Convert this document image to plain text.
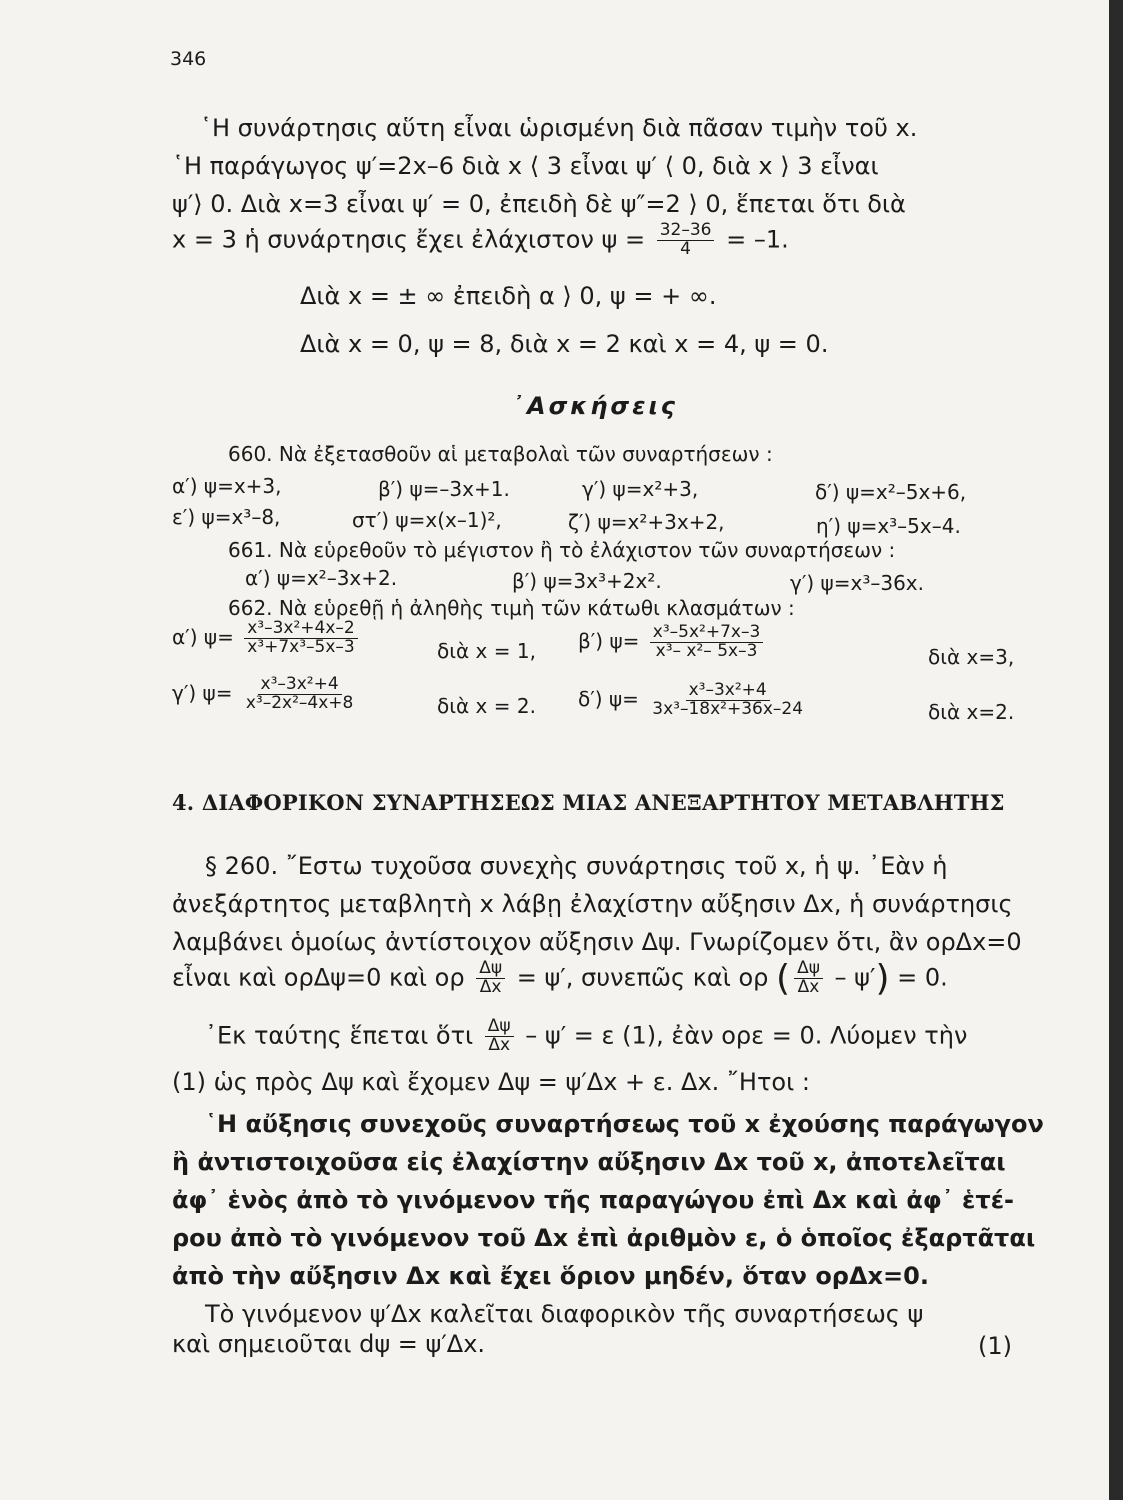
346
῾Η συνάρτησις αὕτη εἶναι ὡρισμένη διὰ πᾶσαν τιμὴν τοῦ x.
῾Η παράγωγος ψ′=2x–6 διὰ x ⟨ 3 εἶναι ψ′ ⟨ 0, διὰ x ⟩ 3 εἶναι
ψ′⟩ 0. Διὰ x=3 εἶναι ψ′ = 0, ἐπειδὴ δὲ ψ″=2 ⟩ 0, ἕπεται ὅτι διὰ
x = 3 ἡ συνάρτησις ἔχει ἐλάχιστον $\psi = \frac{32-36}{4} = -1$.
Διὰ x = ± ∞ ἐπειδὴ α ⟩ 0, ψ = + ∞.
Διὰ x = 0, ψ = 8, διὰ x = 2 καὶ x = 4, ψ = 0.
᾿Ασκήσεις
660. Νὰ ἐξετασθοῦν αἱ μεταβολαὶ τῶν συναρτήσεων :
α′) ψ=x+3,	β′) ψ=–3x+1.	γ′) ψ=x²+3,	δ′) ψ=x²–5x+6,
ε′) ψ=x³–8,	στ′) ψ=x(x–1)²,	ζ′) ψ=x²+3x+2,	η′) ψ=x³–5x–4.
661. Νὰ εὑρεθοῦν τὸ μέγιστον ἢ τὸ ἐλάχιστον τῶν συναρτήσεων :
α′) ψ=x²–3x+2.	β′) ψ=3x³+2x².	γ′) ψ=x³–36x.
662. Νὰ εὑρεθῇ ἡ ἀληθὴς τιμὴ τῶν κάτωθι κλασμάτων :
α′) $\psi= \frac{\text{x³–3x²+4x–2}}{\text{x³+7x³–5x–3}}$	διὰ x = 1, β′) $\psi= \frac{\text{x³–5x²+7x–3}}{\text{x³– x²– 5x–3}}$	διὰ x=3,
γ′) $\psi= \frac{\text{x³–3x²+4}}{\text{x³–2x²–4x+8}}$	διὰ x = 2. δ′) $\psi= \frac{\text{x³–3x²+4}}{\text{3x³–18x²+36x–24}}$	διὰ x=2.
4. ΔΙΑΦΟΡΙΚΟΝ ΣΥΝΑΡΤΗΣΕΩΣ ΜΙΑΣ ΑΝΕΞΑΡΤΗΤΟΥ ΜΕΤΑΒΛΗΤΗΣ
§ 260. ῎Εστω τυχοῦσα συνεχὴς συνάρτησις τοῦ x, ἡ ψ. ᾿Εὰν ἡ
ἀνεξάρτητος μεταβλητὴ x λάβῃ ἐλαχίστην αὔξησιν Δx, ἡ συνάρτησις
λαμβάνει ὁμοίως ἀντίστοιχον αὔξησιν Δψ. Γνωρίζομεν ὅτι, ἂν ορΔx=0
εἶναι καὶ ορΔψ=0 καὶ ορ $\frac{\Delta\psi}{\Delta x} = \psi'$, συνεπῶς καὶ ορ ( $\frac{\Delta\psi}{\Delta x} - \psi') = 0$.
᾿Εκ ταύτης ἕπεται ὅτι $\frac{\Delta\psi}{\Delta x} - \psi' = \varepsilon$ (1), ἐὰν ορε = 0. Λύομεν τὴν
(1) ὡς πρὸς Δψ καὶ ἔχομεν Δψ = ψ′Δx + ε. Δx. ῎Ητοι :
῾Η αὔξησις συνεχοῦς συναρτήσεως τοῦ x ἐχούσης παράγωγον
ἢ ἀντιστοιχοῦσα εἰς ἐλαχίστην αὔξησιν Δx τοῦ x, ἀποτελεῖται
ἀφ᾿ ἑνὸς ἀπὸ τὸ γινόμενον τῆς παραγώγου ἐπὶ Δx καὶ ἀφ᾿ ἑτέ-
ρου ἀπὸ τὸ γινόμενον τοῦ Δx ἐπὶ ἀριθμὸν ε, ὁ ὁποῖος ἐξαρτᾶται
ἀπὸ τὴν αὔξησιν Δx καὶ ἔχει ὅριον μηδέν, ὅταν ορΔx=0.
Τὸ γινόμενον ψ′Δx καλεῖται διαφορικὸν τῆς συναρτήσεως ψ
καὶ σημειοῦται dψ = ψ′Δx.	(1)
